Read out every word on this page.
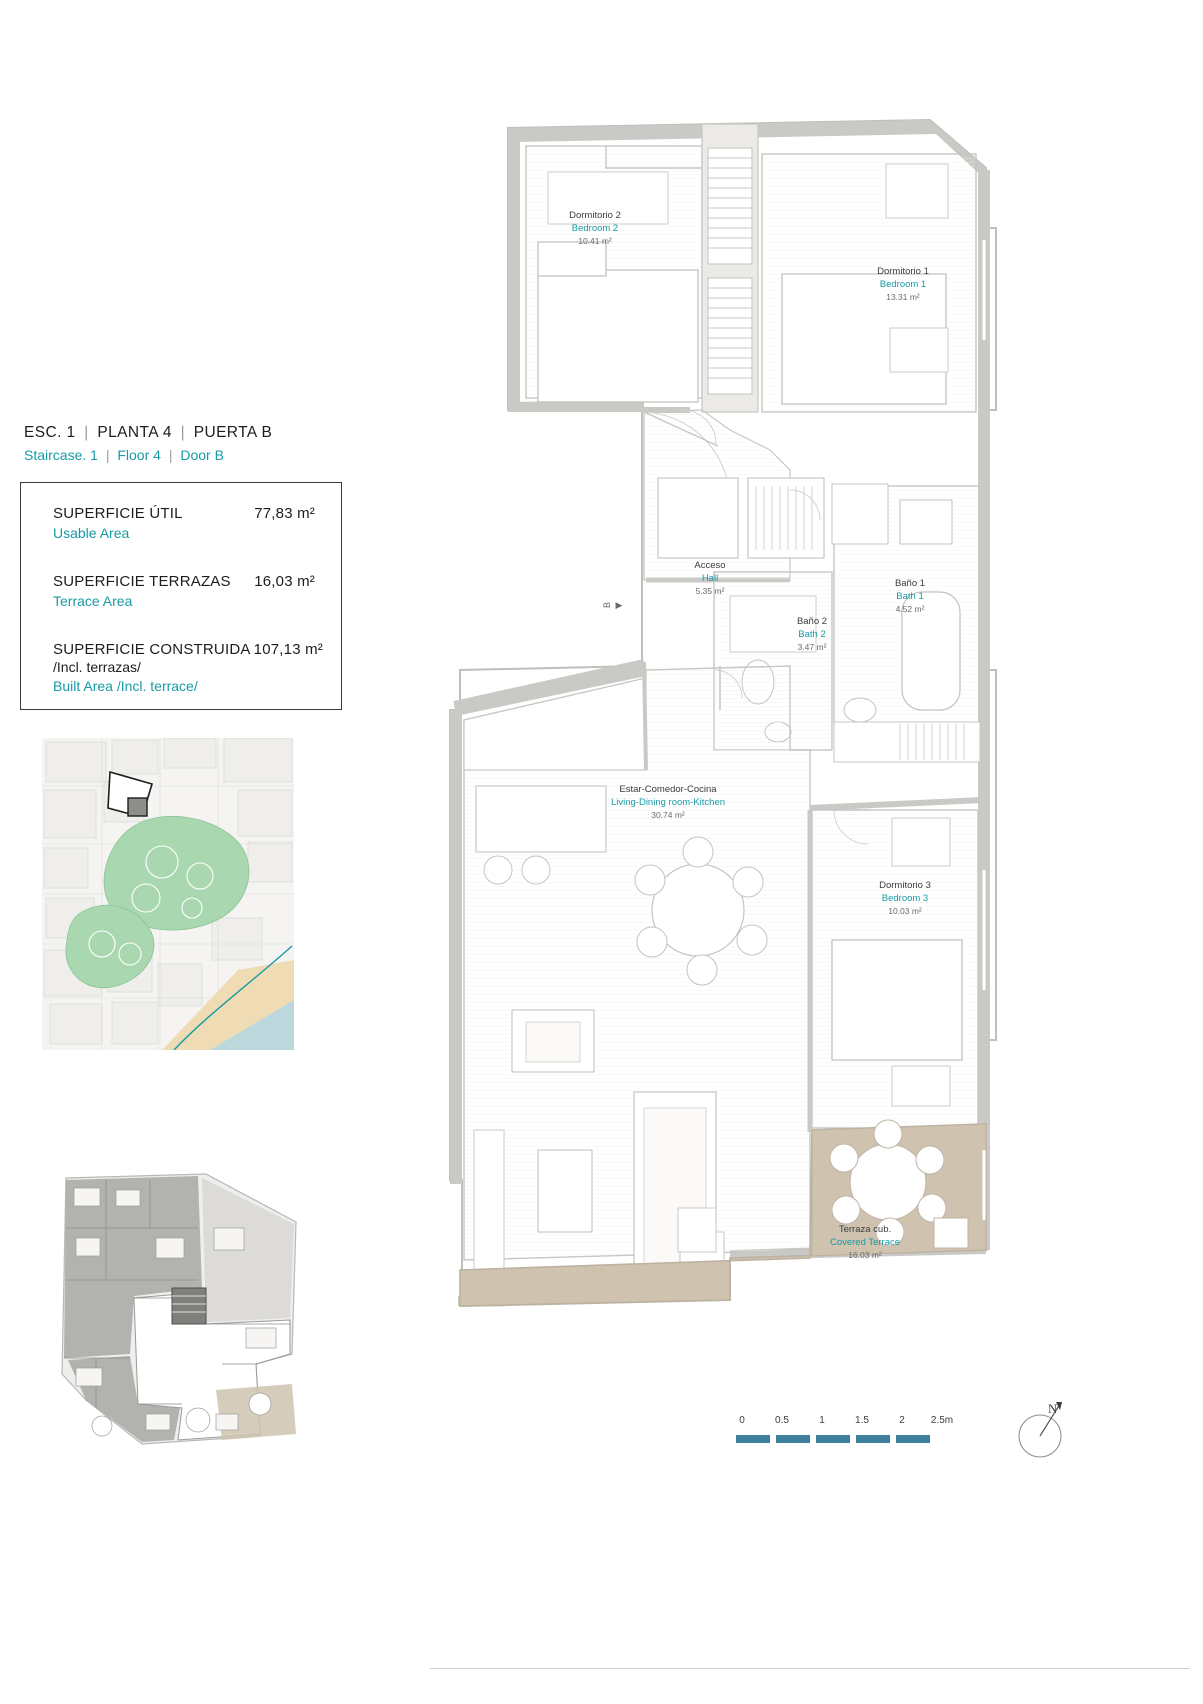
ESC. 1 | PLANTA 4 | PUERTA B
Staircase. 1 | Floor 4 | Door B
SUPERFICIE ÚTIL	77,83 m²
Usable Area
SUPERFICIE TERRAZAS 16,03 m²
Terrace Area
SUPERFICIE CONSTRUIDA 107,13 m²
/Incl. terrazas/
Built Area /Incl. terrace/
Dormitorio 2
Bedroom 2
10.41 m²
Dormitorio 1
Bedroom 1
13.31 m²
Acceso
Hall
5.35 m²
Baño 1
Bath 1
4.52 m²
Baño 2
Bath 2
3.47 m²
Estar-Comedor-Cocina
Living-Dining room-Kitchen
30.74 m²
Dormitorio 3
Bedroom 3
10.03 m²
Terraza cub.
Covered Terrace
16.03 m²
B ▶
0	0.5	1	1.5	2	2.5m
N
